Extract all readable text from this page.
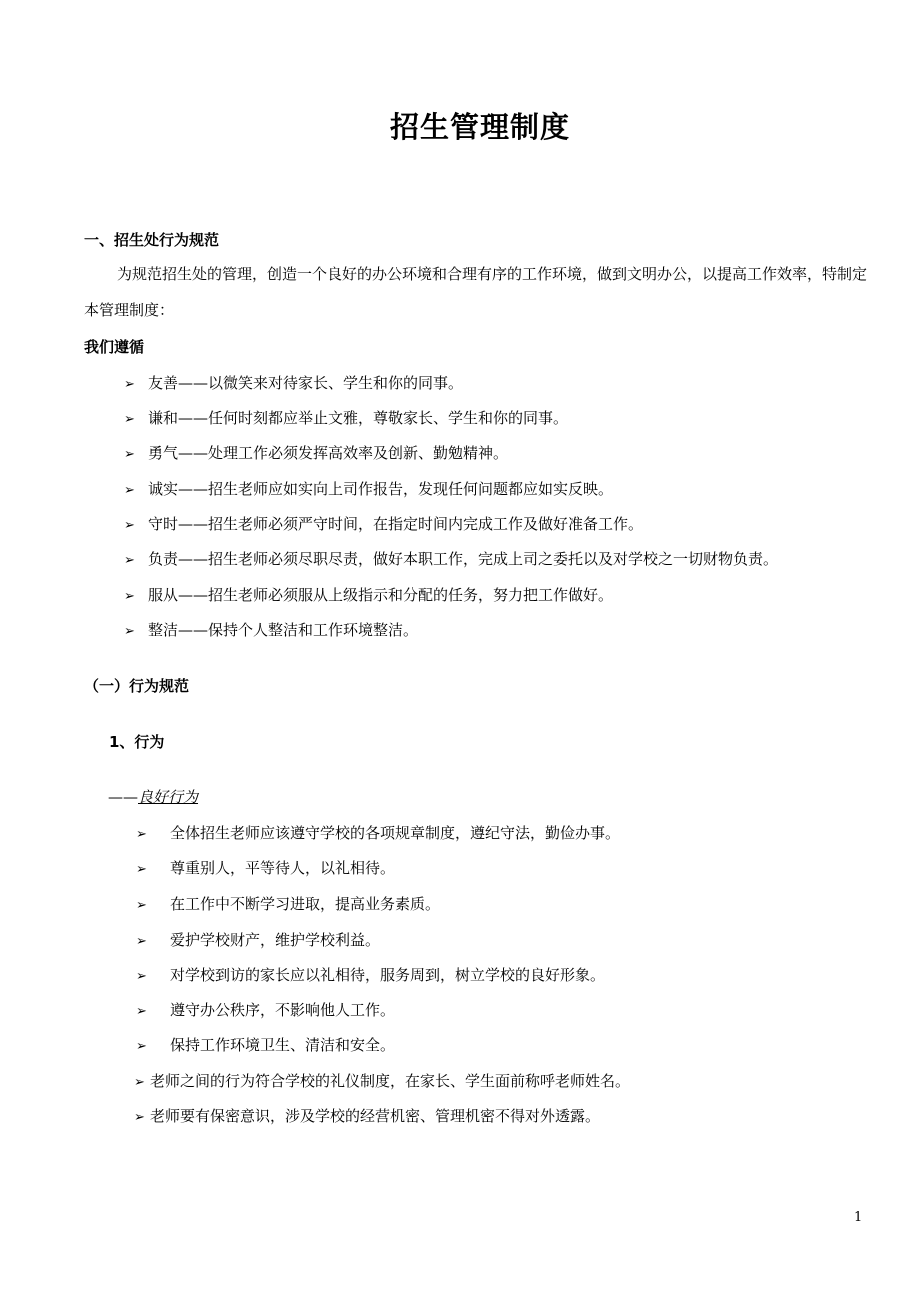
招生管理制度
一、招生处行为规范
为规范招生处的管理，创造一个良好的办公环境和合理有序的工作环境，做到文明办公，以提高工作效率，特制定本管理制度：
我们遵循
➢ 友善——以微笑来对待家长、学生和你的同事。
➢ 谦和——任何时刻都应举止文雅，尊敬家长、学生和你的同事。
➢ 勇气——处理工作必须发挥高效率及创新、勤勉精神。
➢ 诚实——招生老师应如实向上司作报告，发现任何问题都应如实反映。
➢ 守时——招生老师必须严守时间，在指定时间内完成工作及做好准备工作。
➢ 负责——招生老师必须尽职尽责，做好本职工作，完成上司之委托以及对学校之一切财物负责。
➢ 服从——招生老师必须服从上级指示和分配的任务，努力把工作做好。
➢ 整洁——保持个人整洁和工作环境整洁。
（一）行为规范
1、行为
——良好行为
➢ 全体招生老师应该遵守学校的各项规章制度，遵纪守法，勤俭办事。
➢ 尊重别人，平等待人，以礼相待。
➢ 在工作中不断学习进取，提高业务素质。
➢ 爱护学校财产，维护学校利益。
➢ 对学校到访的家长应以礼相待，服务周到，树立学校的良好形象。
➢ 遵守办公秩序，不影响他人工作。
➢ 保持工作环境卫生、清洁和安全。
➢ 老师之间的行为符合学校的礼仪制度，在家长、学生面前称呼老师姓名。
➢ 老师要有保密意识，涉及学校的经营机密、管理机密不得对外透露。
1
